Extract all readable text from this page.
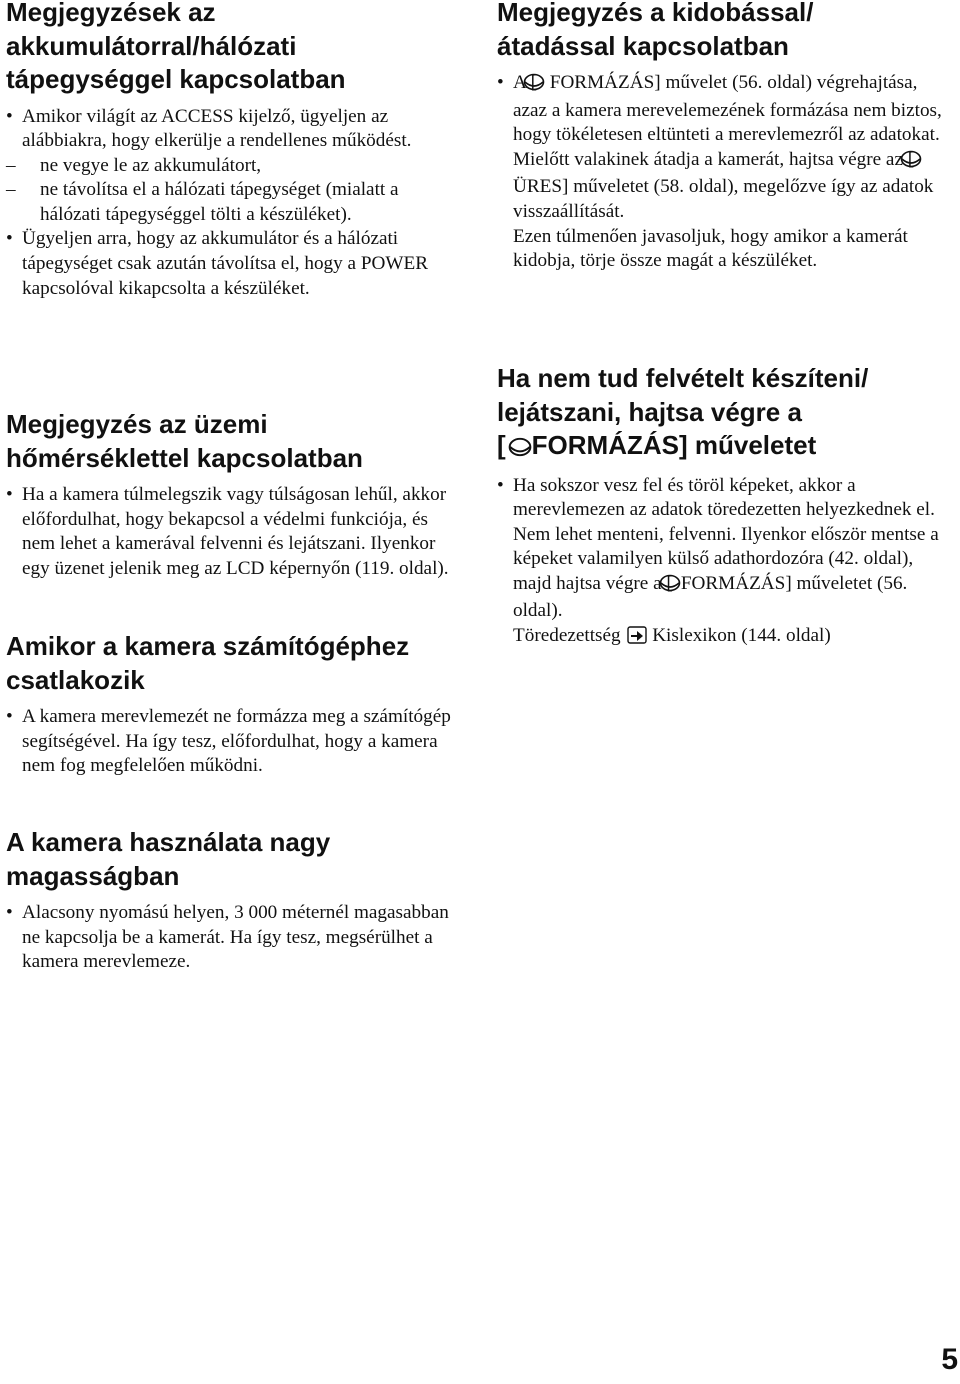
Megjegyzések az
akkumulátorral/hálózati
tápegységgel kapcsolatban

• Amikor világít az ACCESS kijelző, ügyeljen az alábbiakra, hogy elkerülje a rendellenes működést.

– ne vegye le az akkumulátort,

– ne távolítsa el a hálózati tápegységet (mialatt a hálózati tápegységgel tölti a készüléket).

• Ügyeljen arra, hogy az akkumulátor és a hálózati tápegységet csak azután távolítsa el, hogy a POWER kapcsolóval kikapcsolta a készüléket.

Megjegyzés az üzemi
hőmérséklettel kapcsolatban

• Ha a kamera túlmelegszik vagy túlságosan lehűl, akkor előfordulhat, hogy bekapcsol a védelmi funkciója, és nem lehet a kamerával felvenni és lejátszani. Ilyenkor egy üzenet jelenik meg az LCD képernyőn (119. oldal).

Amikor a kamera számítógéphez
csatlakozik

• A kamera merevlemezét ne formázza meg a számítógép segítségével. Ha így tesz, előfordulhat, hogy a kamera nem fog megfelelően működni.

A kamera használata nagy
magasságban

• Alacsony nyomású helyen, 3 000 méternél magasabban ne kapcsolja be a kamerát. Ha így tesz, megsérülhet a kamera merevlemeze.

Megjegyzés a kidobással/
átadással kapcsolatban

• A [ FORMÁZÁS] művelet (56. oldal) végrehajtása, azaz a kamera merevelemezének formázása nem biztos, hogy tökéletesen eltünteti a merevlemezről az adatokat. Mielőtt valakinek átadja a kamerát, hajtsa végre az [ ÜRES] műveletet (58. oldal), megelőzve így az adatok visszaállítását.

Ezen túlmenően javasoljuk, hogy amikor a kamerát kidobja, törje össze magát a készüléket.

Ha nem tud felvételt készíteni/
lejátszani, hajtsa végre a
[ FORMÁZÁS] műveletet

• Ha sokszor vesz fel és töröl képeket, akkor a merevlemezen az adatok töredezetten helyezkednek el. Nem lehet menteni, felvenni. Ilyenkor először mentse a képeket valamilyen külső adathordozóra (42. oldal), majd hajtsa végre a [ FORMÁZÁS] műveletet (56. oldal).

Töredezettség Kislexikon (144. oldal)

5
